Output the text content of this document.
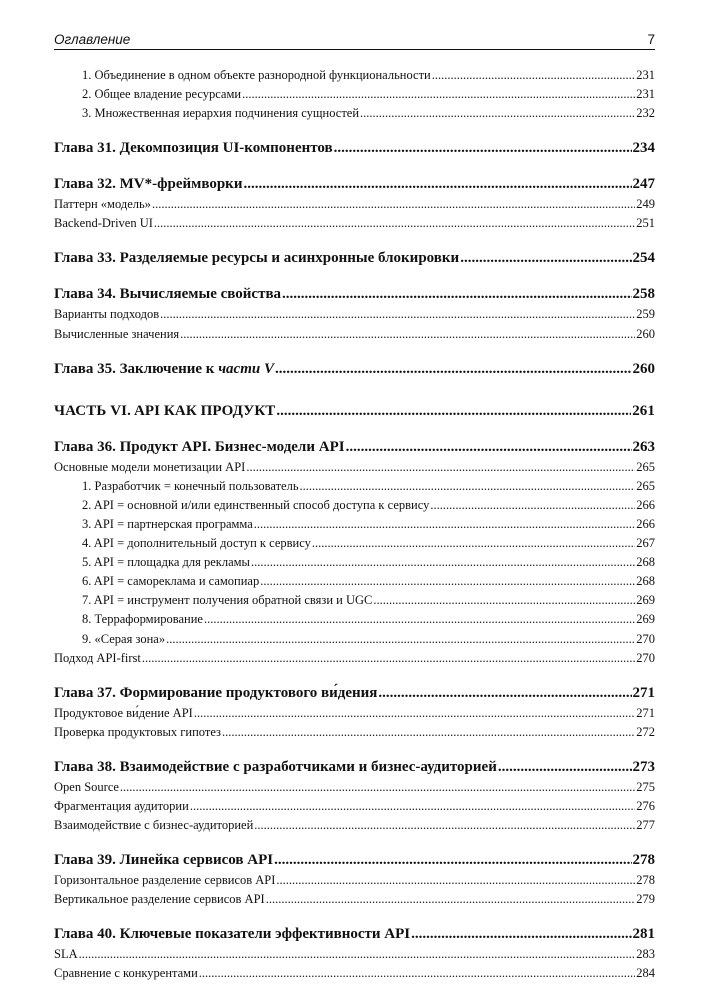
Оглавление	7
1. Объединение в одном объекте разнородной функциональности .....	231
2. Общее владение ресурсами .....	231
3. Множественная иерархия подчинения сущностей .....	232
Глава 31. Декомпозиция UI-компонентов .....	234
Глава 32. MV*-фреймворки .....	247
Паттерн «модель» .....	249
Backend-Driven UI .....	251
Глава 33. Разделяемые ресурсы и асинхронные блокировки .....	254
Глава 34. Вычисляемые свойства .....	258
Варианты подходов .....	259
Вычисленные значения .....	260
Глава 35. Заключение к части V .....	260
ЧАСТЬ VI. API КАК ПРОДУКТ .....	261
Глава 36. Продукт API. Бизнес-модели API .....	263
Основные модели монетизации API .....	265
1. Разработчик = конечный пользователь .....	265
2. API = основной и/или единственный способ доступа к сервису .....	266
3. API = партнерская программа .....	266
4. API = дополнительный доступ к сервису .....	267
5. API = площадка для рекламы .....	268
6. API = самореклама и самопиар .....	268
7. API = инструмент получения обратной связи и UGC .....	269
8. Терраформирование .....	269
9. «Серая зона» .....	270
Подход API-first .....	270
Глава 37. Формирование продуктового ви́дения .....	271
Продуктовое ви́дение API .....	271
Проверка продуктовых гипотез .....	272
Глава 38. Взаимодействие с разработчиками и бизнес-аудиторией .....	273
Open Source .....	275
Фрагментация аудитории .....	276
Взаимодействие с бизнес-аудиторией .....	277
Глава 39. Линейка сервисов API .....	278
Горизонтальное разделение сервисов API .....	278
Вертикальное разделение сервисов API .....	279
Глава 40. Ключевые показатели эффективности API .....	281
SLA .....	283
Сравнение с конкурентами .....	284
